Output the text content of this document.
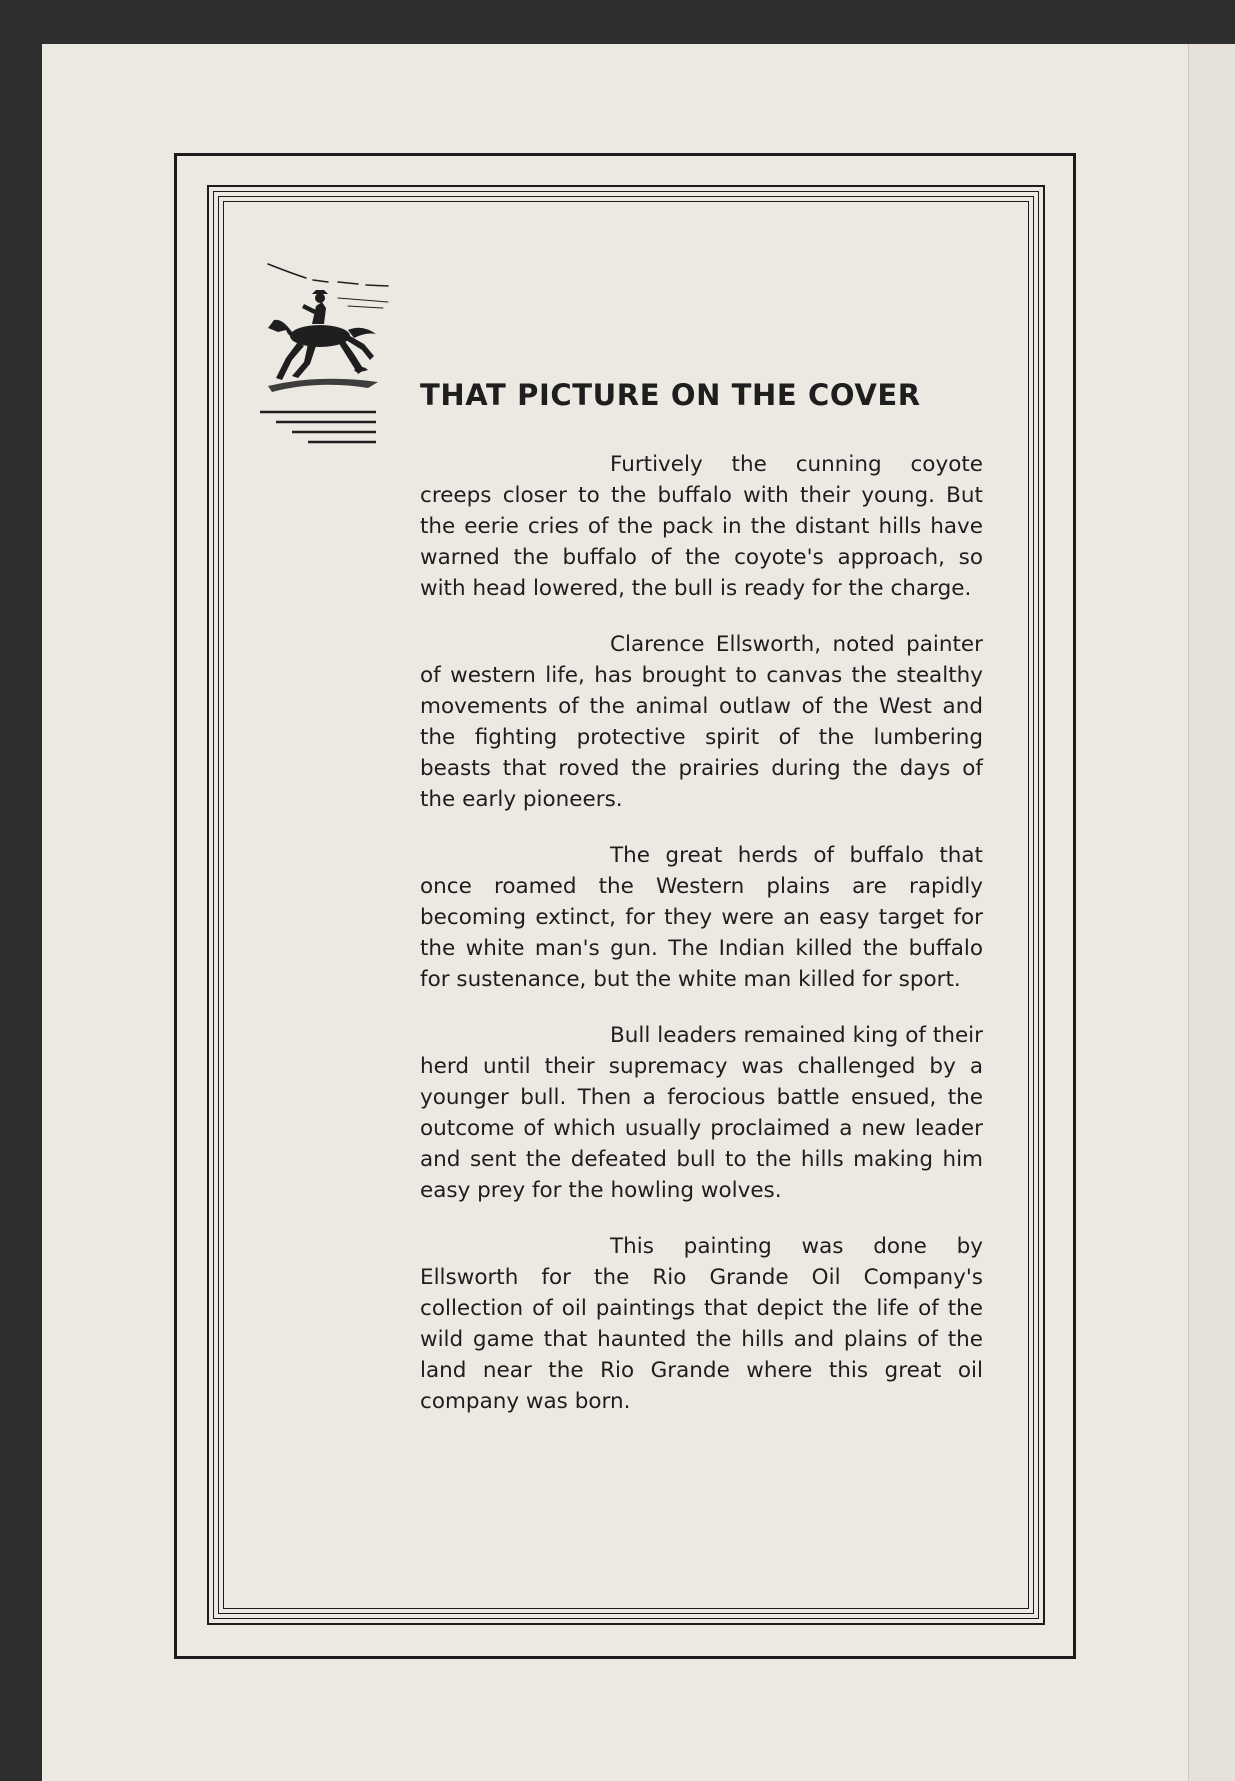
THAT PICTURE ON THE COVER

Furtively the cunning coyote creeps closer to the buffalo with their young. But the eerie cries of the pack in the distant hills have warned the buffalo of the coyote's approach, so with head lowered, the bull is ready for the charge.

Clarence Ellsworth, noted painter of western life, has brought to canvas the stealthy movements of the animal outlaw of the West and the fighting protective spirit of the lumbering beasts that roved the prairies during the days of the early pioneers.

The great herds of buffalo that once roamed the Western plains are rapidly becoming extinct, for they were an easy target for the white man's gun. The Indian killed the buffalo for sustenance, but the white man killed for sport.

Bull leaders remained king of their herd until their supremacy was challenged by a younger bull. Then a ferocious battle ensued, the outcome of which usually proclaimed a new leader and sent the defeated bull to the hills making him easy prey for the howling wolves.

This painting was done by Ellsworth for the Rio Grande Oil Company's collection of oil paintings that depict the life of the wild game that haunted the hills and plains of the land near the Rio Grande where this great oil company was born.
